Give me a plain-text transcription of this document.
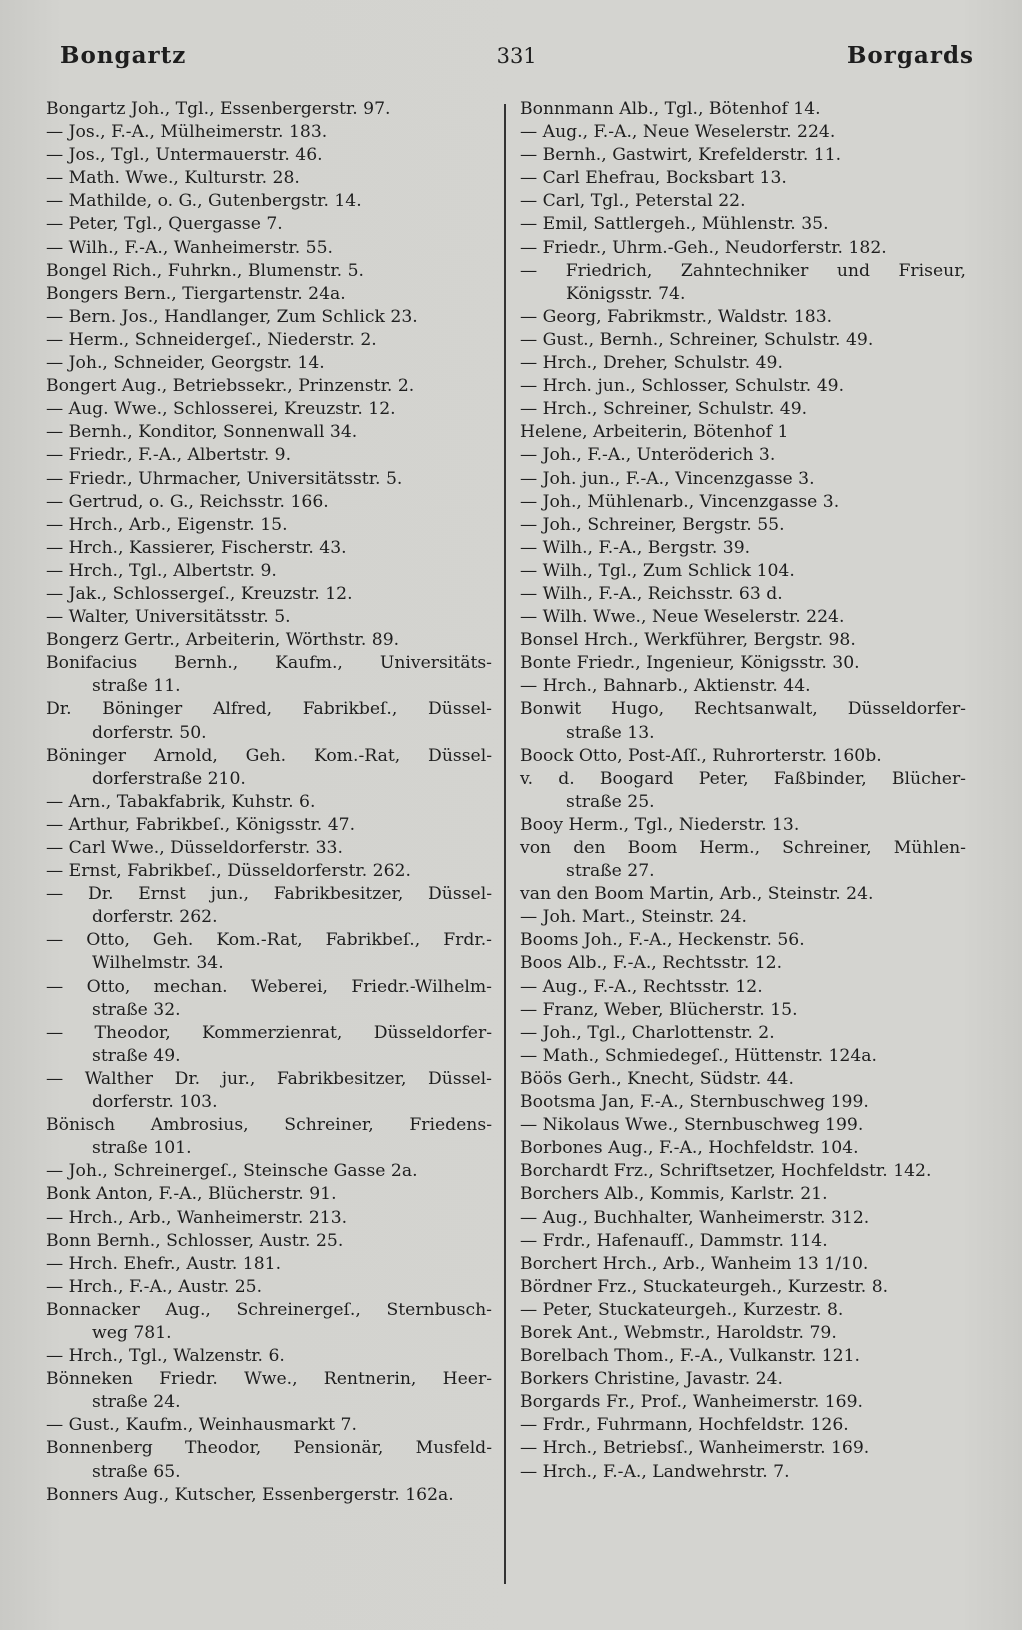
Bongartz	331	Borgards
Bongartz Joh., Tgl., Essenbergerstr. 97.
— Jos., F.-A., Mülheimerstr. 183.
— Jos., Tgl., Untermauerstr. 46.
— Math. Wwe., Kulturstr. 28.
— Mathilde, o. G., Gutenbergstr. 14.
— Peter, Tgl., Quergasse 7.
— Wilh., F.-A., Wanheimerstr. 55.
Bongel Rich., Fuhrkn., Blumenstr. 5.
Bongers Bern., Tiergartenstr. 24a.
— Bern. Jos., Handlanger, Zum Schlick 23.
— Herm., Schneidergeſ., Niederstr. 2.
— Joh., Schneider, Georgstr. 14.
Bongert Aug., Betriebssekr., Prinzenstr. 2.
— Aug. Wwe., Schlosserei, Kreuzstr. 12.
— Bernh., Konditor, Sonnenwall 34.
— Friedr., F.-A., Albertstr. 9.
— Friedr., Uhrmacher, Universitätsstr. 5.
— Gertrud, o. G., Reichsstr. 166.
— Hrch., Arb., Eigenstr. 15.
— Hrch., Kassierer, Fischerstr. 43.
— Hrch., Tgl., Albertstr. 9.
— Jak., Schlossergeſ., Kreuzstr. 12.
— Walter, Universitätsstr. 5.
Bongerz Gertr., Arbeiterin, Wörthstr. 89.
Bonifacius Bernh., Kaufm., Universitäts-
straße 11.
Dr. Böninger Alfred, Fabrikbeſ., Düssel-
dorferstr. 50.
Böninger Arnold, Geh. Kom.-Rat, Düssel-
dorferstraße 210.
— Arn., Tabakfabrik, Kuhstr. 6.
— Arthur, Fabrikbeſ., Königsstr. 47.
— Carl Wwe., Düsseldorferstr. 33.
— Ernst, Fabrikbeſ., Düsseldorferstr. 262.
— Dr. Ernst jun., Fabrikbesitzer, Düssel-
dorferstr. 262.
— Otto, Geh. Kom.-Rat, Fabrikbeſ., Frdr.-
Wilhelmstr. 34.
— Otto, mechan. Weberei, Friedr.-Wilhelm-
straße 32.
— Theodor, Kommerzienrat, Düsseldorfer-
straße 49.
— Walther Dr. jur., Fabrikbesitzer, Düssel-
dorferstr. 103.
Bönisch Ambrosius, Schreiner, Friedens-
straße 101.
— Joh., Schreinergeſ., Steinsche Gasse 2a.
Bonk Anton, F.-A., Blücherstr. 91.
— Hrch., Arb., Wanheimerstr. 213.
Bonn Bernh., Schlosser, Austr. 25.
— Hrch. Ehefr., Austr. 181.
— Hrch., F.-A., Austr. 25.
Bonnacker Aug., Schreinergeſ., Sternbusch-
weg 781.
— Hrch., Tgl., Walzenstr. 6.
Bönneken Friedr. Wwe., Rentnerin, Heer-
straße 24.
— Gust., Kaufm., Weinhausmarkt 7.
Bonnenberg Theodor, Pensionär, Musfeld-
straße 65.
Bonners Aug., Kutscher, Essenbergerstr. 162a.
Bonnmann Alb., Tgl., Bötenhof 14.
— Aug., F.-A., Neue Weselerstr. 224.
— Bernh., Gastwirt, Krefelderstr. 11.
— Carl Ehefrau, Bocksbart 13.
— Carl, Tgl., Peterstal 22.
— Emil, Sattlergeh., Mühlenstr. 35.
— Friedr., Uhrm.-Geh., Neudorferstr. 182.
— Friedrich, Zahntechniker und Friseur,
Königsstr. 74.
— Georg, Fabrikmstr., Waldstr. 183.
— Gust., Bernh., Schreiner, Schulstr. 49.
— Hrch., Dreher, Schulstr. 49.
— Hrch. jun., Schlosser, Schulstr. 49.
— Hrch., Schreiner, Schulstr. 49.
Helene, Arbeiterin, Bötenhof 1
— Joh., F.-A., Unteröderich 3.
— Joh. jun., F.-A., Vincenzgasse 3.
— Joh., Mühlenarb., Vincenzgasse 3.
— Joh., Schreiner, Bergstr. 55.
— Wilh., F.-A., Bergstr. 39.
— Wilh., Tgl., Zum Schlick 104.
— Wilh., F.-A., Reichsstr. 63 d.
— Wilh. Wwe., Neue Weselerstr. 224.
Bonsel Hrch., Werkführer, Bergstr. 98.
Bonte Friedr., Ingenieur, Königsstr. 30.
— Hrch., Bahnarb., Aktienstr. 44.
Bonwit Hugo, Rechtsanwalt, Düsseldorfer-
straße 13.
Boock Otto, Post-Aſſ., Ruhrorterstr. 160b.
v. d. Boogard Peter, Faßbinder, Blücher-
straße 25.
Booy Herm., Tgl., Niederstr. 13.
von den Boom Herm., Schreiner, Mühlen-
straße 27.
van den Boom Martin, Arb., Steinstr. 24.
— Joh. Mart., Steinstr. 24.
Booms Joh., F.-A., Heckenstr. 56.
Boos Alb., F.-A., Rechtsstr. 12.
— Aug., F.-A., Rechtsstr. 12.
— Franz, Weber, Blücherstr. 15.
— Joh., Tgl., Charlottenstr. 2.
— Math., Schmiedegeſ., Hüttenstr. 124a.
Böös Gerh., Knecht, Südstr. 44.
Bootsma Jan, F.-A., Sternbuschweg 199.
— Nikolaus Wwe., Sternbuschweg 199.
Borbones Aug., F.-A., Hochfeldstr. 104.
Borchardt Frz., Schriftsetzer, Hochfeldstr. 142.
Borchers Alb., Kommis, Karlstr. 21.
— Aug., Buchhalter, Wanheimerstr. 312.
— Frdr., Hafenaufſ., Dammstr. 114.
Borchert Hrch., Arb., Wanheim 13 1/10.
Bördner Frz., Stuckateurgeh., Kurzestr. 8.
— Peter, Stuckateurgeh., Kurzestr. 8.
Borek Ant., Webmstr., Haroldstr. 79.
Borelbach Thom., F.-A., Vulkanstr. 121.
Borkers Christine, Javastr. 24.
Borgards Fr., Prof., Wanheimerstr. 169.
— Frdr., Fuhrmann, Hochfeldstr. 126.
— Hrch., Betriebsſ., Wanheimerstr. 169.
— Hrch., F.-A., Landwehrstr. 7.
